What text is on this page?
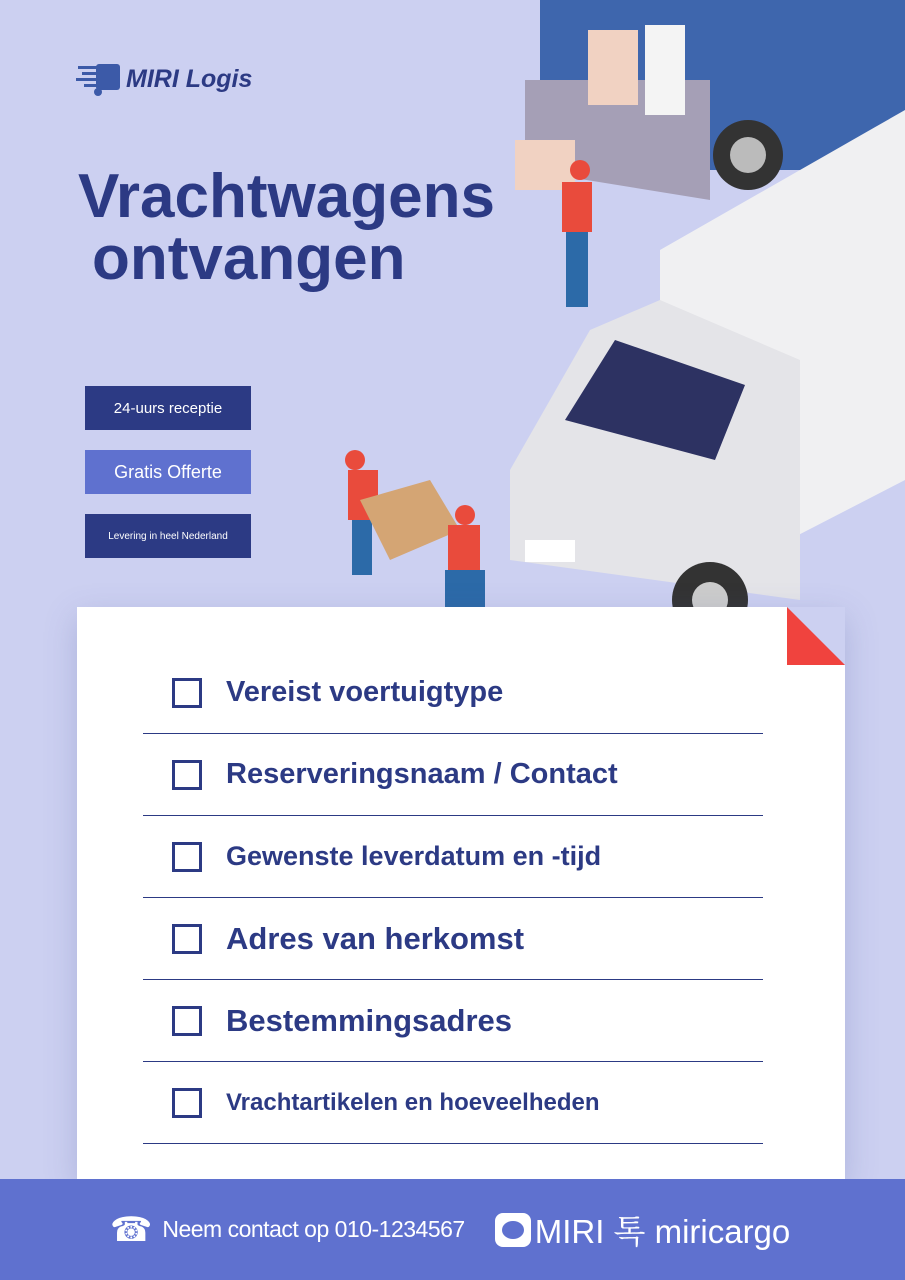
MIRI Logis
Vrachtwagens
ontvangen
24-uurs receptie
Gratis Offerte
Levering in heel Nederland
Vereist voertuigtype
Reserveringsnaam / Contact
Gewenste leverdatum en -tijd
Adres van herkomst
Bestemmingsadres
Vrachtartikelen en hoeveelheden
☎ Neem contact op 010-1234567 MIRI 톡 miricargo
